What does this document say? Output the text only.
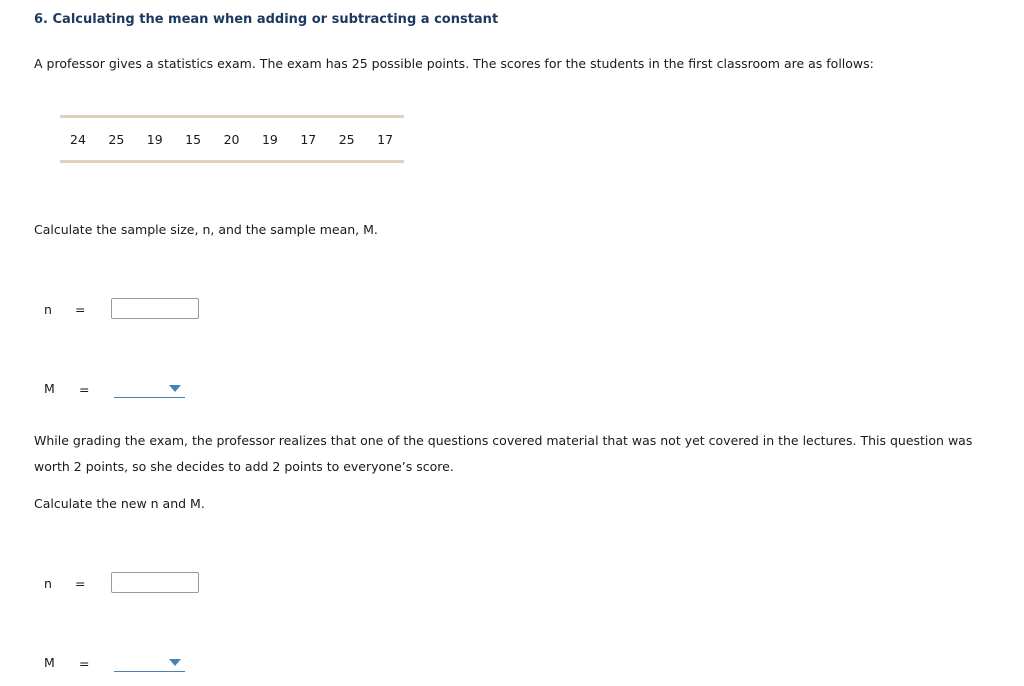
6. Calculating the mean when adding or subtracting a constant

A professor gives a statistics exam. The exam has 25 possible points. The scores for the students in the first classroom are as follows:

24	25	19	15	20	19	17	25	17

Calculate the sample size, n, and the sample mean, M.

n =
M =

While grading the exam, the professor realizes that one of the questions covered material that was not yet covered in the lectures. This question was worth 2 points, so she decides to add 2 points to everyone’s score.

Calculate the new n and M.

n =
M =
